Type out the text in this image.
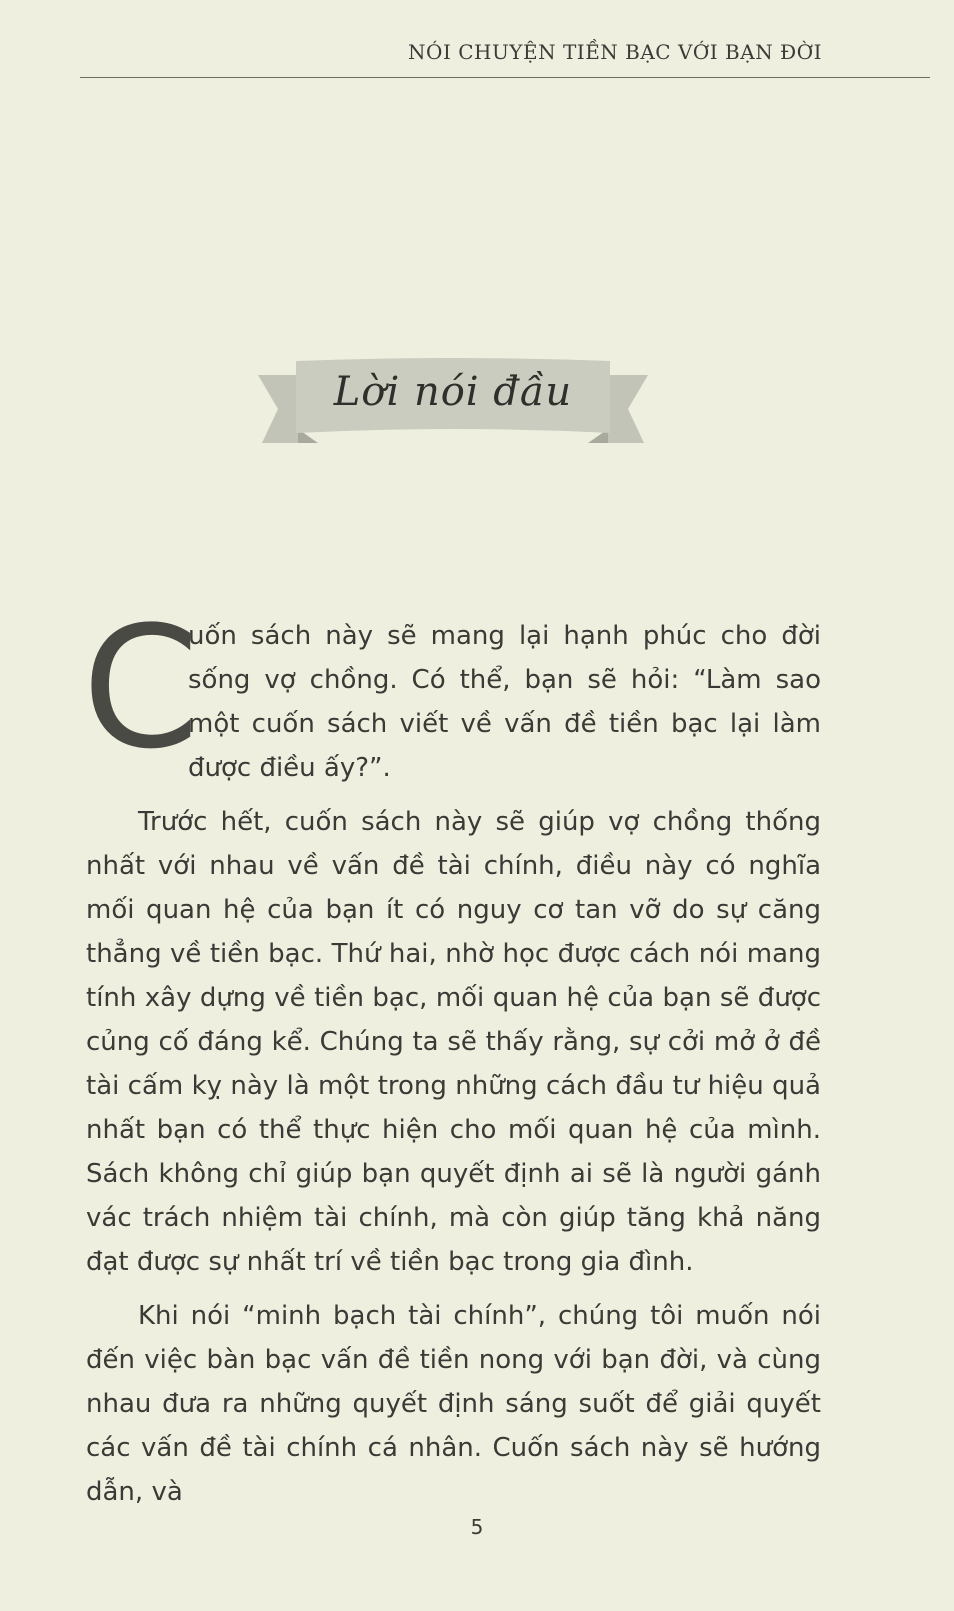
NÓI CHUYỆN TIỀN BẠC VỚI BẠN ĐỜI
Lời nói đầu

C
uốn sách này sẽ mang lại hạnh phúc cho đời sống vợ chồng. Có thể, bạn sẽ hỏi: “Làm sao một cuốn sách viết về vấn đề tiền bạc lại làm được điều ấy?”.

Trước hết, cuốn sách này sẽ giúp vợ chồng thống nhất với nhau về vấn đề tài chính, điều này có nghĩa mối quan hệ của bạn ít có nguy cơ tan vỡ do sự căng thẳng về tiền bạc. Thứ hai, nhờ học được cách nói mang tính xây dựng về tiền bạc, mối quan hệ của bạn sẽ được củng cố đáng kể. Chúng ta sẽ thấy rằng, sự cởi mở ở đề tài cấm kỵ này là một trong những cách đầu tư hiệu quả nhất bạn có thể thực hiện cho mối quan hệ của mình. Sách không chỉ giúp bạn quyết định ai sẽ là người gánh vác trách nhiệm tài chính, mà còn giúp tăng khả năng đạt được sự nhất trí về tiền bạc trong gia đình.

Khi nói “minh bạch tài chính”, chúng tôi muốn nói đến việc bàn bạc vấn đề tiền nong với bạn đời, và cùng nhau đưa ra những quyết định sáng suốt để giải quyết các vấn đề tài chính cá nhân. Cuốn sách này sẽ hướng dẫn, và

5
